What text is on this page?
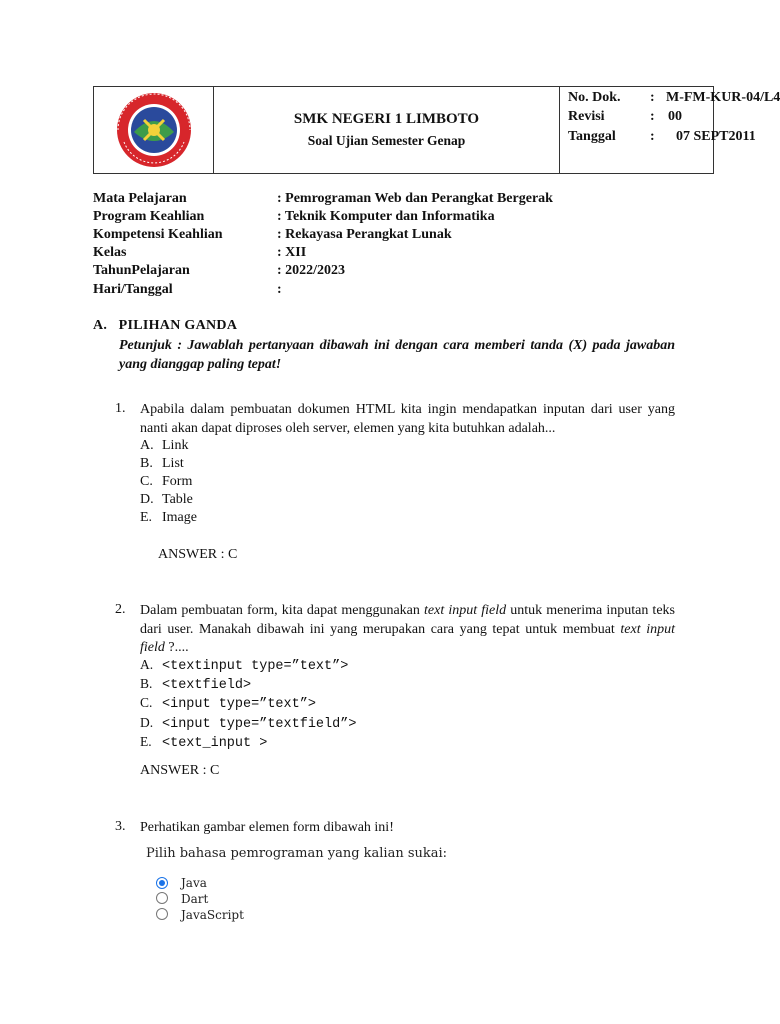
SMK NEGERI 1 LIMBOTO
Soal Ujian Semester Genap
No. Dok. : M-FM-KUR-04/L4
Revisi	: 00
Tanggal : 07 SEPT2011
Mata Pelajaran	: Pemrograman Web dan Perangkat Bergerak
Program Keahlian	: Teknik Komputer dan Informatika
Kompetensi Keahlian	: Rekayasa Perangkat Lunak
Kelas	: XII
TahunPelajaran	: 2022/2023
Hari/Tanggal	:
A.   PILIHAN GANDA
Petunjuk : Jawablah pertanyaan dibawah ini dengan cara memberi tanda (X) pada jawaban yang dianggap paling tepat!
1. Apabila dalam pembuatan dokumen HTML kita ingin mendapatkan inputan dari user yang nanti akan dapat diproses oleh server, elemen yang kita butuhkan adalah...
A. Link
B. List
C. Form
D. Table
E. Image
ANSWER : C
2. Dalam pembuatan form, kita dapat menggunakan text input field untuk menerima inputan teks dari user. Manakah dibawah ini yang merupakan cara yang tepat untuk membuat text input field ?....
A. <textinput type=”text”>
B. <textfield>
C. <input type=”text”>
D. <input type=”textfield”>
E. <text_input >
ANSWER : C
3. Perhatikan gambar elemen form dibawah ini!
Pilih bahasa pemrograman yang kalian sukai:
Java
Dart
JavaScript
